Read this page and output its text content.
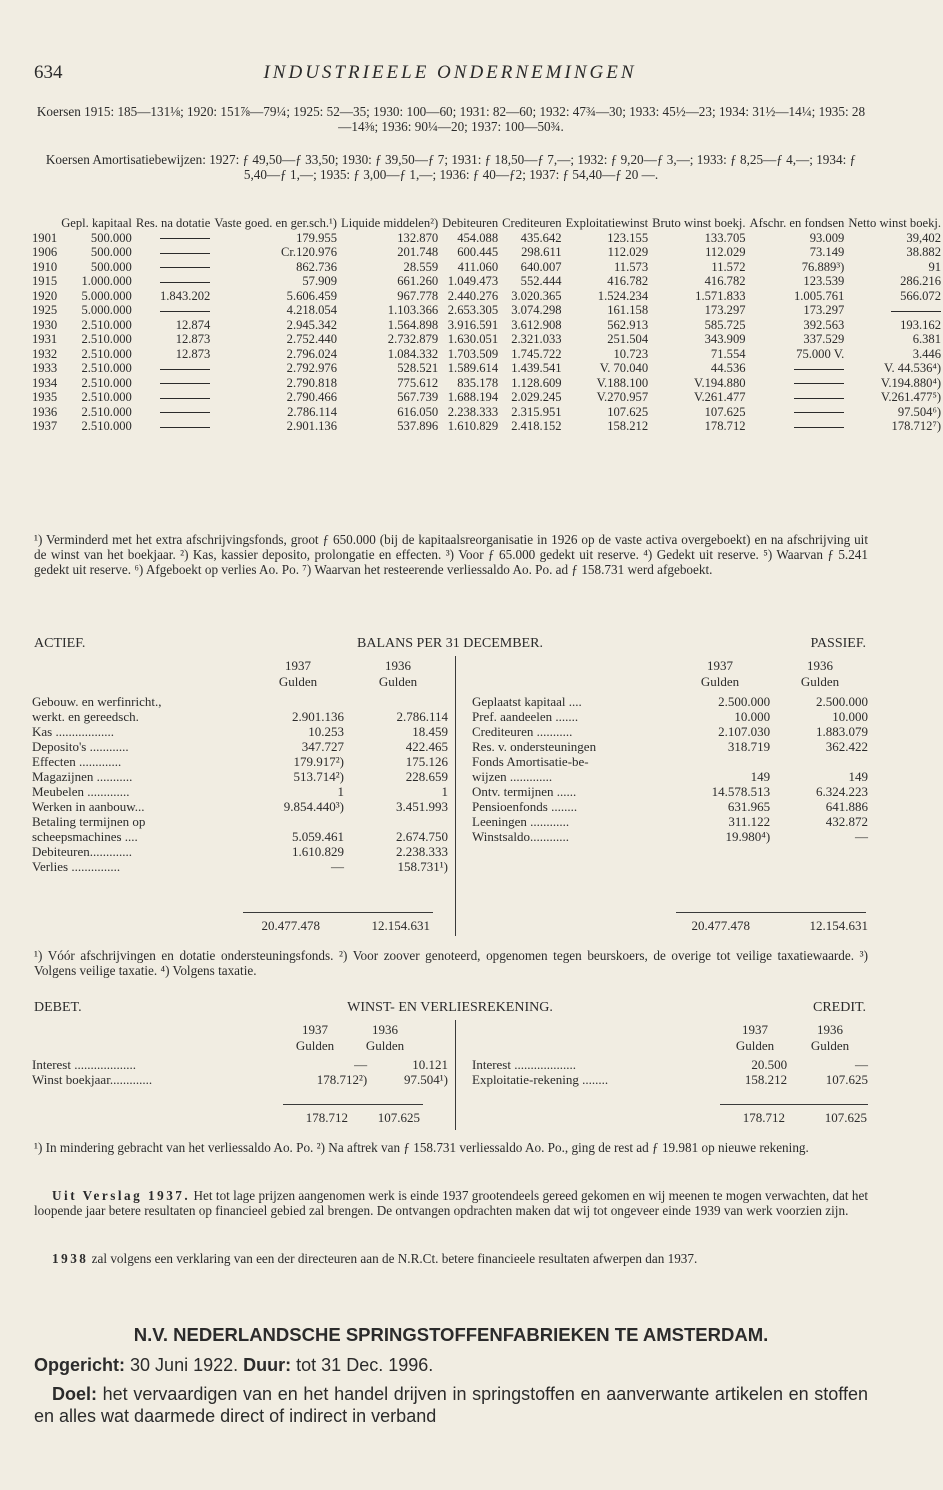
634	INDUSTRIEELE ONDERNEMINGEN

Koersen 1915: 185—131⅛; 1920: 151⅞—79¼; 1925: 52—35; 1930: 100—60; 1931: 82—60; 1932: 47¾—30; 1933: 45½—23; 1934: 31½—14¼; 1935: 28—14⅜; 1936: 90¼—20; 1937: 100—50¾.

Koersen Amortisatiebewijzen: 1927: ƒ 49,50—ƒ 33,50; 1930: ƒ 39,50—ƒ 7; 1931: ƒ 18,50—ƒ 7,—; 1932: ƒ 9,20—ƒ 3,—; 1933: ƒ 8,25—ƒ 4,—; 1934: ƒ 5,40—ƒ 1,—; 1935: ƒ 3,00—ƒ 1,—; 1936: ƒ 40—ƒ2; 1937: ƒ 54,40—ƒ 20 —.

	Gepl. kapitaal	Res. na dotatie	Vaste goed. en ger.sch.¹)	Liquide middelen²)	Debiteuren	Crediteuren	Exploitatiewinst	Bruto winst boekj.	Afschr. en fondsen	Netto winst boekj.
1901	500.000		179.955	132.870	454.088	435.642	123.155	133.705	93.009	39,402
1906	500.000		Cr.120.976	201.748	600.445	298.611	112.029	112.029	73.149	38.882
1910	500.000		862.736	28.559	411.060	640.007	11.573	11.572	76.889³)	91
1915	1.000.000		57.909	661.260	1.049.473	552.444	416.782	416.782	123.539	286.216
1920	5.000.000	1.843.202	5.606.459	967.778	2.440.276	3.020.365	1.524.234	1.571.833	1.005.761	566.072
1925	5.000.000		4.218.054	1.103.366	2.653.305	3.074.298	161.158	173.297	173.297	
1930	2.510.000	12.874	2.945.342	1.564.898	3.916.591	3.612.908	562.913	585.725	392.563	193.162
1931	2.510.000	12.873	2.752.440	2.732.879	1.630.051	2.321.033	251.504	343.909	337.529	6.381
1932	2.510.000	12.873	2.796.024	1.084.332	1.703.509	1.745.722	10.723	71.554	75.000 V.	3.446
1933	2.510.000		2.792.976	528.521	1.589.614	1.439.541	V. 70.040	44.536		V. 44.536⁴)
1934	2.510.000		2.790.818	775.612	835.178	1.128.609	V.188.100	V.194.880		V.194.880⁴)
1935	2.510.000		2.790.466	567.739	1.688.194	2.029.245	V.270.957	V.261.477		V.261.477⁵)
1936	2.510.000		2.786.114	616.050	2.238.333	2.315.951	107.625	107.625		97.504⁶)
1937	2.510.000		2.901.136	537.896	1.610.829	2.418.152	158.212	178.712		178.712⁷)

¹) Verminderd met het extra afschrijvingsfonds, groot ƒ 650.000 (bij de kapitaalsreorganisatie in 1926 op de vaste activa overgeboekt) en na afschrijving uit de winst van het boekjaar. ²) Kas, kassier deposito, prolongatie en effecten. ³) Voor ƒ 65.000 gedekt uit reserve. ⁴) Gedekt uit reserve. ⁵) Waarvan ƒ 5.241 gedekt uit reserve. ⁶) Afgeboekt op verlies Ao. Po. ⁷) Waarvan het resteerende verliessaldo Ao. Po. ad ƒ 158.731 werd afgeboekt.

ACTIEF.	BALANS PER 31 DECEMBER.	PASSIEF.
1937	1936
Gulden	Gulden
1937	1936
Gulden	Gulden
Gebouw. en werfinricht.,		
werkt. en gereedsch.	2.901.136	2.786.114
Kas ..................	10.253	18.459
Deposito's ............	347.727	422.465
Effecten .............	179.917²)	175.126
Magazijnen ...........	513.714²)	228.659
Meubelen .............	1	1
Werken in aanbouw...	9.854.440³)	3.451.993
Betaling termijnen op		
scheepsmachines ....	5.059.461	2.674.750
Debiteuren.............	1.610.829	2.238.333
Verlies ...............	—	158.731¹)
Geplaatst kapitaal ....	2.500.000	2.500.000
Pref. aandeelen .......	10.000	10.000
Crediteuren ...........	2.107.030	1.883.079
Res. v. ondersteuningen	318.719	362.422
Fonds Amortisatie-be-		
wijzen .............	149	149
Ontv. termijnen ......	14.578.513	6.324.223
Pensioenfonds ........	631.965	641.886
Leeningen ............	311.122	432.872
Winstsaldo............	19.980⁴)	—
20.477.478	12.154.631	20.477.478	12.154.631

¹) Vóór afschrijvingen en dotatie ondersteuningsfonds. ²) Voor zoover genoteerd, opgenomen tegen beurskoers, de overige tot veilige taxatiewaarde. ³) Volgens veilige taxatie. ⁴) Volgens taxatie.

DEBET.	WINST- EN VERLIESREKENING.	CREDIT.
1937	1936
Gulden	Gulden
1937	1936
Gulden	Gulden
Interest ...................	—	10.121
Winst boekjaar.............	178.712²)	97.504¹)
Interest ...................	20.500	—
Exploitatie-rekening ........	158.212	107.625
178.712	107.625	178.712	107.625

¹) In mindering gebracht van het verliessaldo Ao. Po. ²) Na aftrek van ƒ 158.731 verliessaldo Ao. Po., ging de rest ad ƒ 19.981 op nieuwe rekening.

Uit Verslag 1937. Het tot lage prijzen aangenomen werk is einde 1937 grootendeels gereed gekomen en wij meenen te mogen verwachten, dat het loopende jaar betere resultaten op financieel gebied zal brengen. De ontvangen opdrachten maken dat wij tot ongeveer einde 1939 van werk voorzien zijn.

1938 zal volgens een verklaring van een der directeuren aan de N.R.Ct. betere financieele resultaten afwerpen dan 1937.

N.V. NEDERLANDSCHE SPRINGSTOFFENFABRIEKEN TE AMSTERDAM.

Opgericht: 30 Juni 1922. Duur: tot 31 Dec. 1996.

Doel: het vervaardigen van en het handel drijven in springstoffen en aanverwante artikelen en stoffen en alles wat daarmede direct of indirect in verband
